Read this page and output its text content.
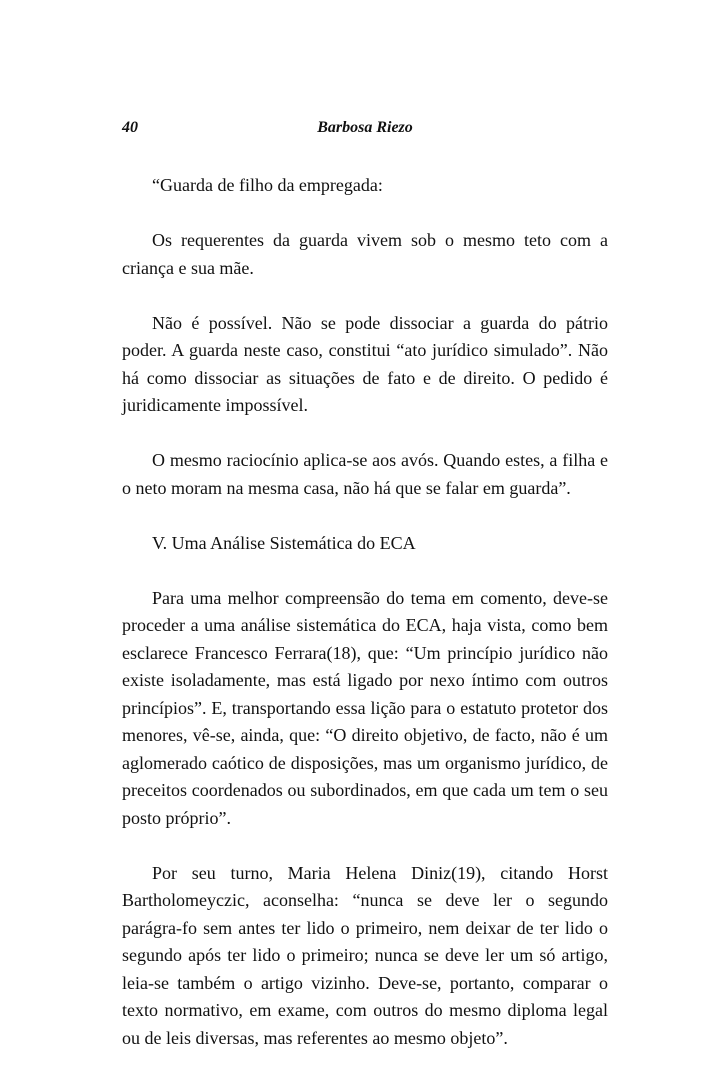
40	Barbosa Riezo

“Guarda de filho da empregada:

Os requerentes da guarda vivem sob o mesmo teto com a criança e sua mãe.

Não é possível. Não se pode dissociar a guarda do pátrio poder. A guarda neste caso, constitui “ato jurídico simulado”. Não há como dissociar as situações de fato e de direito. O pedido é juridicamente impossível.

O mesmo raciocínio aplica-se aos avós. Quando estes, a filha e o neto moram na mesma casa, não há que se falar em guarda”.

V. Uma Análise Sistemática do ECA

Para uma melhor compreensão do tema em comento, deve-se proceder a uma análise sistemática do ECA, haja vista, como bem esclarece Francesco Ferrara(18), que: “Um princípio jurídico não existe isoladamente, mas está ligado por nexo íntimo com outros princípios”. E, transportando essa lição para o estatuto protetor dos menores, vê-se, ainda, que: “O direito objetivo, de facto, não é um aglomerado caótico de disposições, mas um organismo jurídico, de preceitos coordenados ou subordinados, em que cada um tem o seu posto próprio”.

Por seu turno, Maria Helena Diniz(19), citando Horst Bartholomeyczic, aconselha: “nunca se deve ler o segundo parágra-fo sem antes ter lido o primeiro, nem deixar de ter lido o segundo após ter lido o primeiro; nunca se deve ler um só artigo, leia-se também o artigo vizinho. Deve-se, portanto, comparar o texto normativo, em exame, com outros do mesmo diploma legal ou de leis diversas, mas referentes ao mesmo objeto”.
